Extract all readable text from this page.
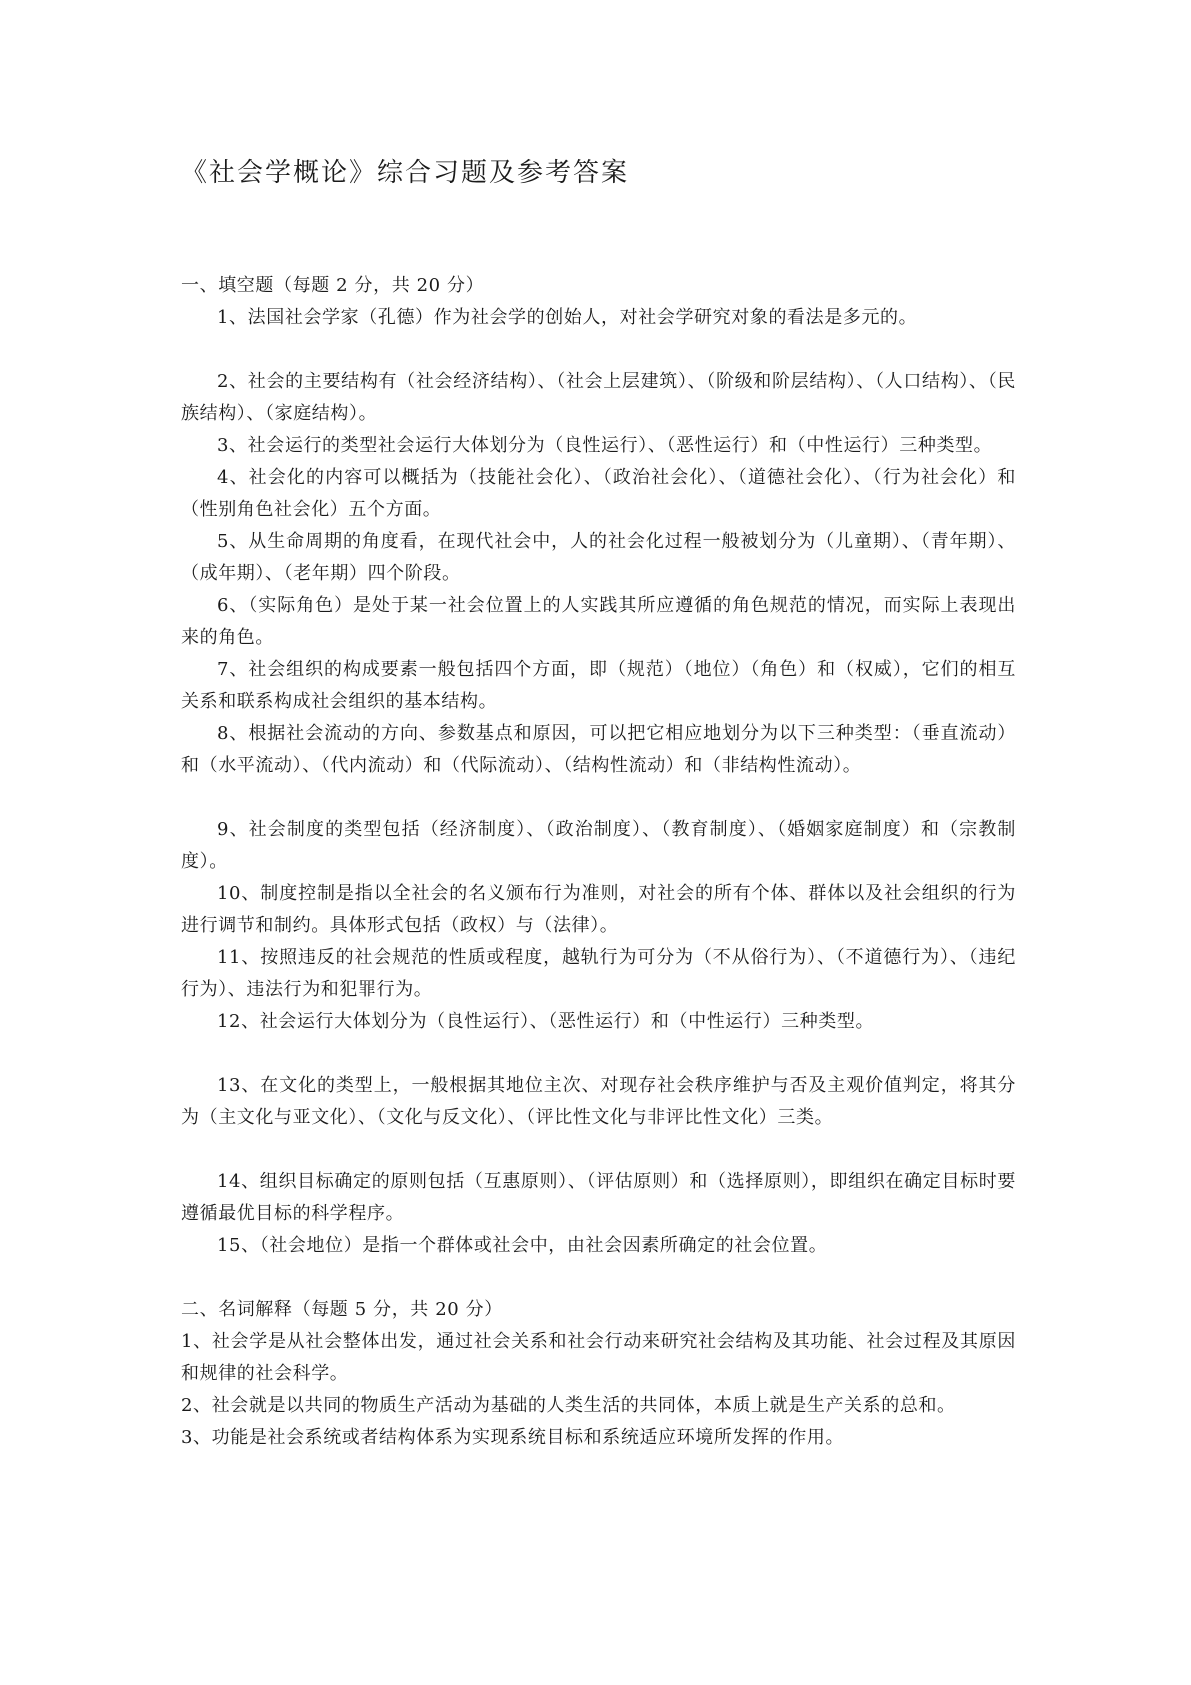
《社会学概论》综合习题及参考答案

一、填空题（每题 2 分，共 20 分）

1、法国社会学家（孔德）作为社会学的创始人，对社会学研究对象的看法是多元的。

2、社会的主要结构有（社会经济结构）、（社会上层建筑）、（阶级和阶层结构）、（人口结构）、（民族结构）、（家庭结构）。

3、社会运行的类型社会运行大体划分为（良性运行）、（恶性运行）和（中性运行）三种类型。

4、社会化的内容可以概括为（技能社会化）、（政治社会化）、（道德社会化）、（行为社会化）和（性别角色社会化）五个方面。

5、从生命周期的角度看，在现代社会中，人的社会化过程一般被划分为（儿童期）、（青年期）、（成年期）、（老年期）四个阶段。

6、（实际角色）是处于某一社会位置上的人实践其所应遵循的角色规范的情况，而实际上表现出来的角色。

7、社会组织的构成要素一般包括四个方面，即（规范）（地位）（角色）和（权威），它们的相互关系和联系构成社会组织的基本结构。

8、根据社会流动的方向、参数基点和原因，可以把它相应地划分为以下三种类型：（垂直流动）和（水平流动）、（代内流动）和（代际流动）、（结构性流动）和（非结构性流动）。

9、社会制度的类型包括（经济制度）、（政治制度）、（教育制度）、（婚姻家庭制度）和（宗教制度）。

10、制度控制是指以全社会的名义颁布行为准则，对社会的所有个体、群体以及社会组织的行为进行调节和制约。具体形式包括（政权）与（法律）。

11、按照违反的社会规范的性质或程度，越轨行为可分为（不从俗行为）、（不道德行为）、（违纪行为）、违法行为和犯罪行为。

12、社会运行大体划分为（良性运行）、（恶性运行）和（中性运行）三种类型。

13、在文化的类型上，一般根据其地位主次、对现存社会秩序维护与否及主观价值判定，将其分为（主文化与亚文化）、（文化与反文化）、（评比性文化与非评比性文化）三类。

14、组织目标确定的原则包括（互惠原则）、（评估原则）和（选择原则），即组织在确定目标时要遵循最优目标的科学程序。

15、（社会地位）是指一个群体或社会中，由社会因素所确定的社会位置。

二、名词解释（每题 5 分，共 20 分）

1、社会学是从社会整体出发，通过社会关系和社会行动来研究社会结构及其功能、社会过程及其原因和规律的社会科学。

2、社会就是以共同的物质生产活动为基础的人类生活的共同体，本质上就是生产关系的总和。

3、功能是社会系统或者结构体系为实现系统目标和系统适应环境所发挥的作用。
